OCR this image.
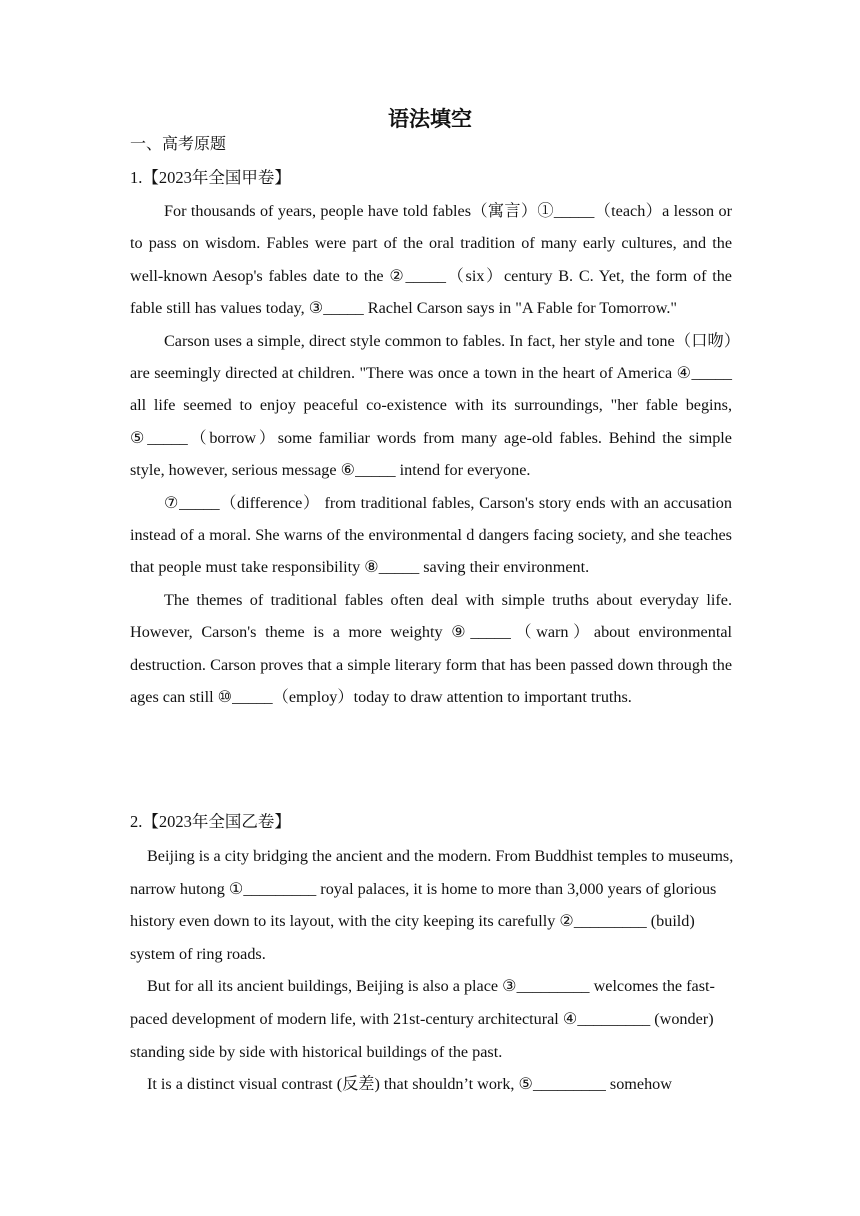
语法填空
一、高考原题
1.【2023年全国甲卷】

For thousands of years, people have told fables（寓言）①_____（teach）a lesson or to pass on wisdom. Fables were part of the oral tradition of many early cultures, and the well-known Aesop's fables date to the ②_____（six）century B. C. Yet, the form of the fable still has values today, ③_____ Rachel Carson says in "A Fable for Tomorrow."

Carson uses a simple, direct style common to fables. In fact, her style and tone（口吻）are seemingly directed at children. "There was once a town in the heart of America ④_____ all life seemed to enjoy peaceful co-existence with its surroundings, "her fable begins, ⑤_____（borrow）some familiar words from many age-old fables. Behind the simple style, however, serious message ⑥_____ intend for everyone.

⑦_____（difference） from traditional fables, Carson's story ends with an accusation instead of a moral. She warns of the environmental d dangers facing society, and she teaches that people must take responsibility ⑧_____ saving their environment.

The themes of traditional fables often deal with simple truths about everyday life. However, Carson's theme is a more weighty ⑨_____（warn）about environmental destruction. Carson proves that a simple literary form that has been passed down through the ages can still ⑩_____（employ）today to draw attention to important truths.

2.【2023年全国乙卷】

Beijing is a city bridging the ancient and the modern. From Buddhist temples to museums, narrow hutong ①_________ royal palaces, it is home to more than 3,000 years of glorious history even down to its layout, with the city keeping its carefully ②_________ (build) system of ring roads.

But for all its ancient buildings, Beijing is also a place ③_________ welcomes the fast-paced development of modern life, with 21st-century architectural ④_________ (wonder) standing side by side with historical buildings of the past.

It is a distinct visual contrast (反差) that shouldn’t work, ⑤_________ somehow
